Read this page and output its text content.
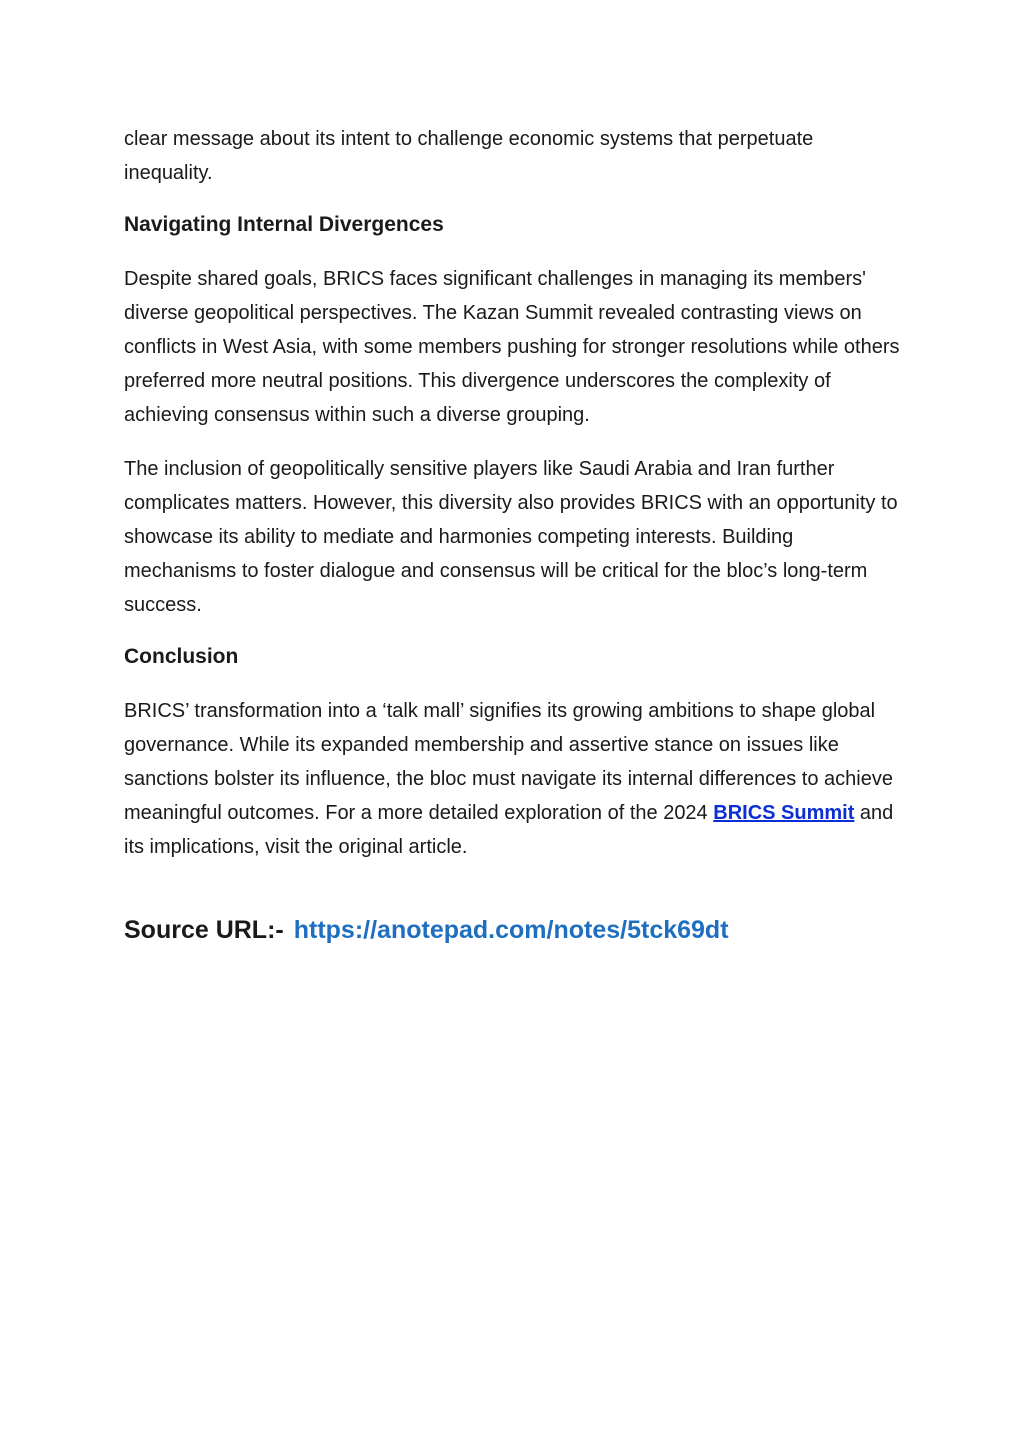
clear message about its intent to challenge economic systems that perpetuate inequality.

Navigating Internal Divergences

Despite shared goals, BRICS faces significant challenges in managing its members' diverse geopolitical perspectives. The Kazan Summit revealed contrasting views on conflicts in West Asia, with some members pushing for stronger resolutions while others preferred more neutral positions. This divergence underscores the complexity of achieving consensus within such a diverse grouping.

The inclusion of geopolitically sensitive players like Saudi Arabia and Iran further complicates matters. However, this diversity also provides BRICS with an opportunity to showcase its ability to mediate and harmonies competing interests. Building mechanisms to foster dialogue and consensus will be critical for the bloc’s long-term success.

Conclusion

BRICS’ transformation into a ‘talk mall’ signifies its growing ambitions to shape global governance. While its expanded membership and assertive stance on issues like sanctions bolster its influence, the bloc must navigate its internal differences to achieve meaningful outcomes. For a more detailed exploration of the 2024 BRICS Summit and its implications, visit the original article.

Source URL:- https://anotepad.com/notes/5tck69dt
